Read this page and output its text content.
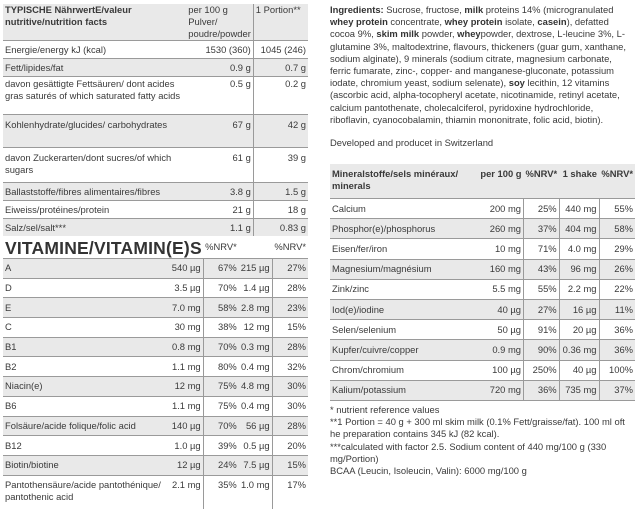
TYPISCHE NährwertE/valeur nutritive/nutrition facts	per 100 g Pulver/ poudre/powder	1 Portion**
Energie/energy kJ (kcal)	1530 (360)	1045 (246)
Fett/lipides/fat	0.9 g	0.7 g
davon gesättigte Fettsäuren/ dont acides gras saturés of which saturated fatty acids	0.5 g	0.2 g
Kohlenhydrate/glucides/ carbohydrates	67 g	42 g
davon Zuckerarten/dont sucres/of which sugars	61 g	39 g
Ballaststoffe/fibres alimentaires/fibres	3.8 g	1.5 g
Eiweiss/protéines/protein	21 g	18 g
Salz/sel/salt***	1.1 g	0.83 g
VITAMINE/VITAMIN(E)S		%NRV*		%NRV*
A	540 µg	67%	215 µg	27%
D	3.5 µg	70%	1.4 µg	28%
E	7.0 mg	58%	2.8 mg	23%
C	30 mg	38%	12 mg	15%
B1	0.8 mg	70%	0.3 mg	28%
B2	1.1 mg	80%	0.4 mg	32%
Niacin(e)	12 mg	75%	4.8 mg	30%
B6	1.1 mg	75%	0.4 mg	30%
Folsäure/acide folique/folic acid	140 µg	70%	56 µg	28%
B12	1.0 µg	39%	0.5 µg	20%
Biotin/biotine	12 µg	24%	7.5 µg	15%
Pantothensäure/acide pantothénique/ pantothenic acid	2.1 mg	35%	1.0 mg	17%
Ingredients: Sucrose, fructose, milk proteins 14% (microgranulated whey protein concentrate, whey protein isolate, casein), defatted cocoa 9%, skim milk powder, wheypowder, dextrose, L-leucine 3%, L-glutamine 3%, maltodextrine, flavours, thickeners (guar gum, xanthane, sodium alginate), 9 minerals (sodium citrate, magnesium carbonate, ferric fumarate, zinc-, copper- and manganese-gluconate, potassium iodate, chromium yeast, sodium selenate), soy lecithin, 12 vitamins (ascorbic acid, alpha-tocopheryl acetate, nicotinamide, retinyl acetate, calcium pantothenate, cholecalciferol, pyridoxine hydrochloride, riboflavin, cyanocobalamin, thiamin mononitrate, folic acid, biotin).
Developed and producet in Switzerland
Mineralstoffe/sels minéraux/ minerals	per 100 g	%NRV*	1 shake	%NRV*
Calcium	200 mg	25%	440 mg	55%
Phosphor(e)/phosphorus	260 mg	37%	404 mg	58%
Eisen/fer/iron	10 mg	71%	4.0 mg	29%
Magnesium/magnésium	160 mg	43%	96 mg	26%
Zink/zinc	5.5 mg	55%	2.2 mg	22%
Iod(e)/iodine	40 µg	27%	16 µg	11%
Selen/selenium	50 µg	91%	20 µg	36%
Kupfer/cuivre/copper	0.9 mg	90%	0.36 mg	36%
Chrom/chromium	100 µg	250%	40 µg	100%
Kalium/potassium	720 mg	36%	735 mg	37%
* nutrient reference values
**1 Portion = 40 g + 300 ml skim milk (0.1% Fett/graisse/fat). 100 ml oft he preparation contains 345 kJ (82 kcal).
***calculated with factor 2.5. Sodium content of 440 mg/100 g (330 mg/Portion)
BCAA (Leucin, Isoleucin, Valin): 6000 mg/100 g
